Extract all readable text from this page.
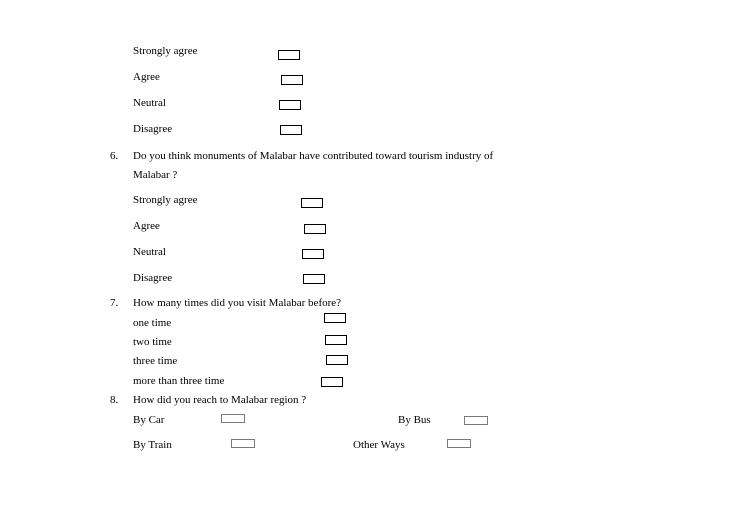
Strongly agree
Agree
Neutral
Disagree
6. Do you think monuments of Malabar have contributed toward tourism industry of
Malabar ?
Strongly agree
Agree
Neutral
Disagree
7. How many times did you visit Malabar before?
one time
two time
three time
more than three time
8. How did you reach to Malabar region ?
By Car	By Bus
By Train	Other Ways
